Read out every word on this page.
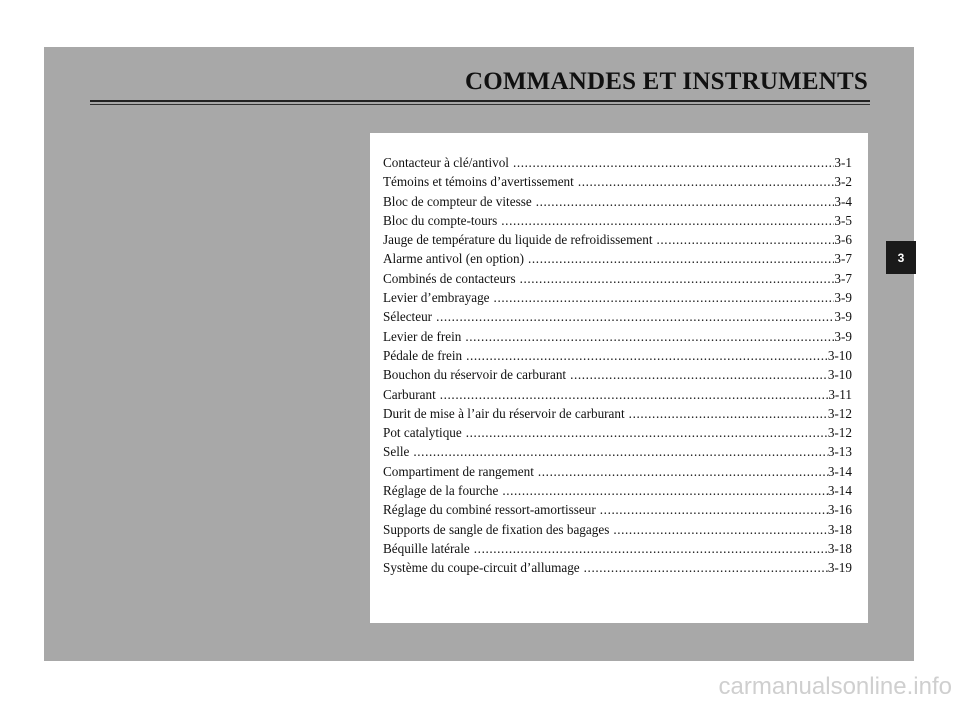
COMMANDES ET INSTRUMENTS
Contacteur à clé/antivol .....	3-1
Témoins et témoins d’avertissement .....	3-2
Bloc de compteur de vitesse .....	3-4
Bloc du compte-tours .....	3-5
Jauge de température du liquide de refroidissement .....	3-6
Alarme antivol (en option) .....	3-7
Combinés de contacteurs .....	3-7
Levier d’embrayage .....	3-9
Sélecteur .....	3-9
Levier de frein .....	3-9
Pédale de frein .....	3-10
Bouchon du réservoir de carburant .....	3-10
Carburant .....	3-11
Durit de mise à l’air du réservoir de carburant .....	3-12
Pot catalytique .....	3-12
Selle .....	3-13
Compartiment de rangement .....	3-14
Réglage de la fourche .....	3-14
Réglage du combiné ressort-amortisseur .....	3-16
Supports de sangle de fixation des bagages .....	3-18
Béquille latérale .....	3-18
Système du coupe-circuit d’allumage .....	3-19
3
carmanualsonline.info
